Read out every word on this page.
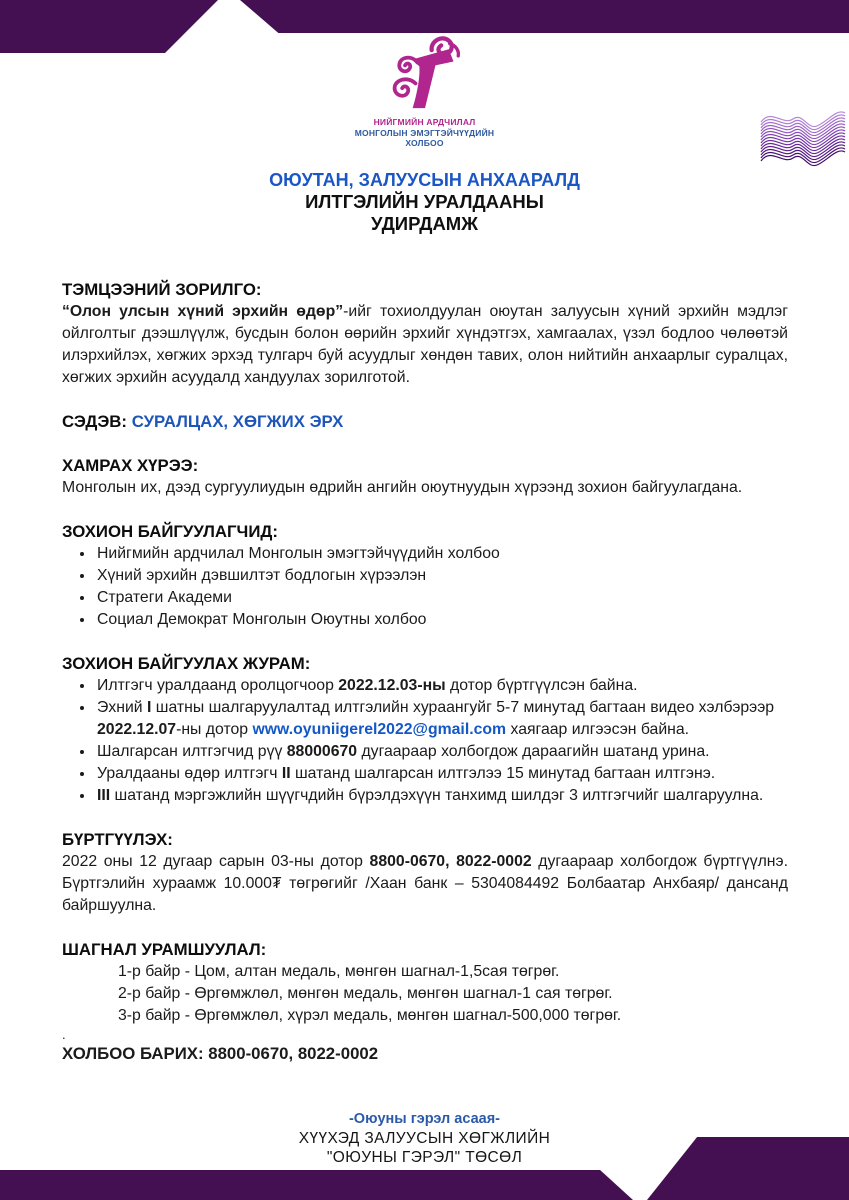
НИЙГМИЙН АРДЧИЛАЛ
МОНГОЛЫН ЭМЭГТЭЙЧҮҮДИЙН
ХОЛБОО
ОЮУТАН, ЗАЛУУСЫН АНХААРАЛД
ИЛТГЭЛИЙН УРАЛДААНЫ
УДИРДАМЖ

ТЭМЦЭЭНИЙ ЗОРИЛГО:

“Олон улсын хүний эрхийн өдөр”-ийг тохиолдуулан оюутан залуусын хүний эрхийн мэдлэг ойлголтыг дээшлүүлж, бусдын болон өөрийн эрхийг хүндэтгэх, хамгаалах, үзэл бодлоо чөлөөтэй илэрхийлэх, хөгжих эрхэд тулгарч буй асуудлыг хөндөн тавих, олон нийтийн анхаарлыг суралцах, хөгжих эрхийн асуудалд хандуулах зорилготой.

СЭДЭВ: СУРАЛЦАХ, ХӨГЖИХ ЭРХ

ХАМРАХ ХҮРЭЭ:

Монголын их, дээд сургуулиудын өдрийн ангийн оюутнуудын хүрээнд зохион байгуулагдана.

ЗОХИОН БАЙГУУЛАГЧИД:

• Нийгмийн ардчилал Монголын эмэгтэйчүүдийн холбоо
• Хүний эрхийн дэвшилтэт бодлогын хүрээлэн
• Стратеги Академи
• Социал Демократ Монголын Оюутны холбоо

ЗОХИОН БАЙГУУЛАХ ЖУРАМ:

• Илтгэгч уралдаанд оролцогчоор 2022.12.03-ны дотор бүртгүүлсэн байна.
• Эхний I шатны шалгаруулалтад илтгэлийн хураангуйг 5-7 минутад багтаан видео хэлбэрээр 2022.12.07-ны дотор www.oyuniigerel2022@gmail.com хаягаар илгээсэн байна.
• Шалгарсан илтгэгчид рүү 88000670 дугаараар холбогдож дараагийн шатанд урина.
• Уралдааны өдөр илтгэгч II шатанд шалгарсан илтгэлээ 15 минутад багтаан илтгэнэ.
• III шатанд мэргэжлийн шүүгчдийн бүрэлдэхүүн танхимд шилдэг 3 илтгэгчийг шалгаруулна.

БҮРТГҮҮЛЭХ:

2022 оны 12 дугаар сарын 03-ны дотор 8800-0670, 8022-0002 дугаараар холбогдож бүртгүүлнэ. Бүртгэлийн хураамж 10.000₮ төгрөгийг /Хаан банк – 5304084492 Болбаатар Анхбаяр/ дансанд байршуулна.

ШАГНАЛ УРАМШУУЛАЛ:

1-р байр - Цом, алтан медаль, мөнгөн шагнал-1,5сая төгрөг.

2-р байр - Өргөмжлөл, мөнгөн медаль, мөнгөн шагнал-1 сая төгрөг.

3-р байр - Өргөмжлөл, хүрэл медаль, мөнгөн шагнал-500,000 төгрөг.

.

ХОЛБОО БАРИХ: 8800-0670, 8022-0002

-Оюуны гэрэл асаая-
ХҮҮХЭД ЗАЛУУСЫН ХӨГЖЛИЙН
"ОЮУНЫ ГЭРЭЛ" ТӨСӨЛ
